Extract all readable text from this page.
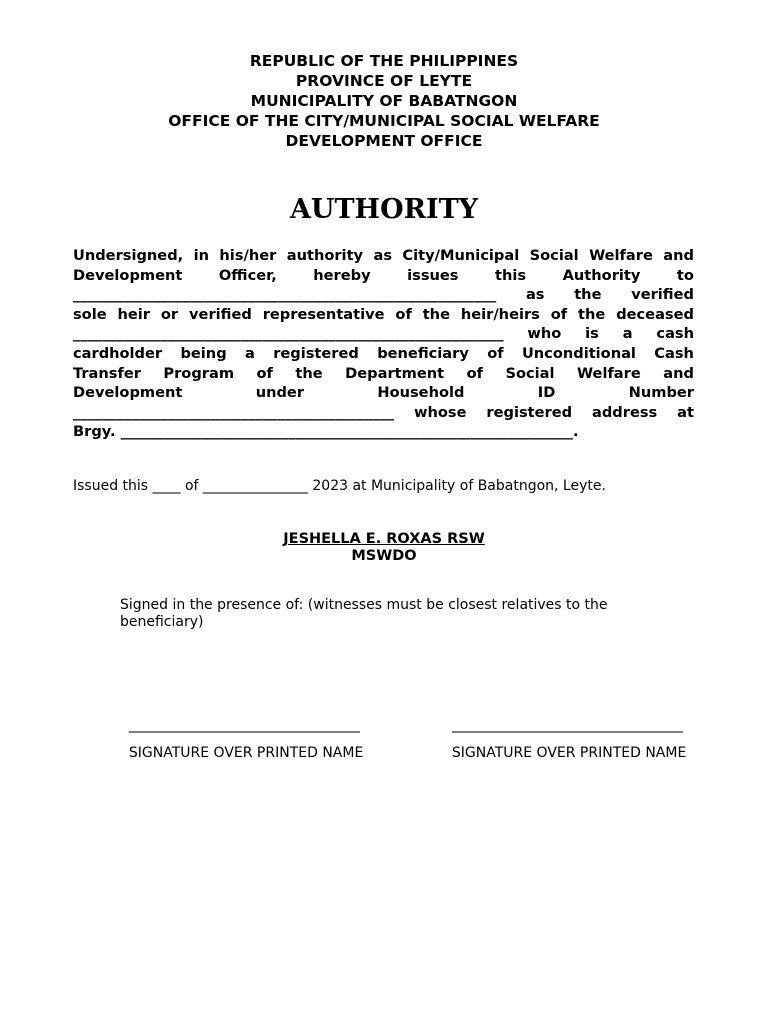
REPUBLIC OF THE PHILIPPINES
PROVINCE OF LEYTE
MUNICIPALITY OF BABATNGON
OFFICE OF THE CITY/MUNICIPAL SOCIAL WELFARE
DEVELOPMENT OFFICE
AUTHORITY
Undersigned, in his/her authority as City/Municipal Social Welfare and
Development	Officer,	hereby	issues	this	Authority	to
__________________________________________________________ as the verified
sole heir or verified representative of the heir/heirs of the deceased
___________________________________________________________ who is a cash
cardholder being a registered beneficiary of Unconditional Cash
Transfer Program of the Department of Social Welfare and
Development	under	Household	ID	Number
____________________________________________ whose registered address at
Brgy. ______________________________________________________________.
Issued this ____ of _______________ 2023 at Municipality of Babatngon, Leyte.
JESHELLA E. ROXAS RSW
MSWDO
Signed in the presence of: (witnesses must be closest relatives to the beneficiary)

_________________________________

SIGNATURE OVER PRINTED NAME

_________________________________

SIGNATURE OVER PRINTED NAME
